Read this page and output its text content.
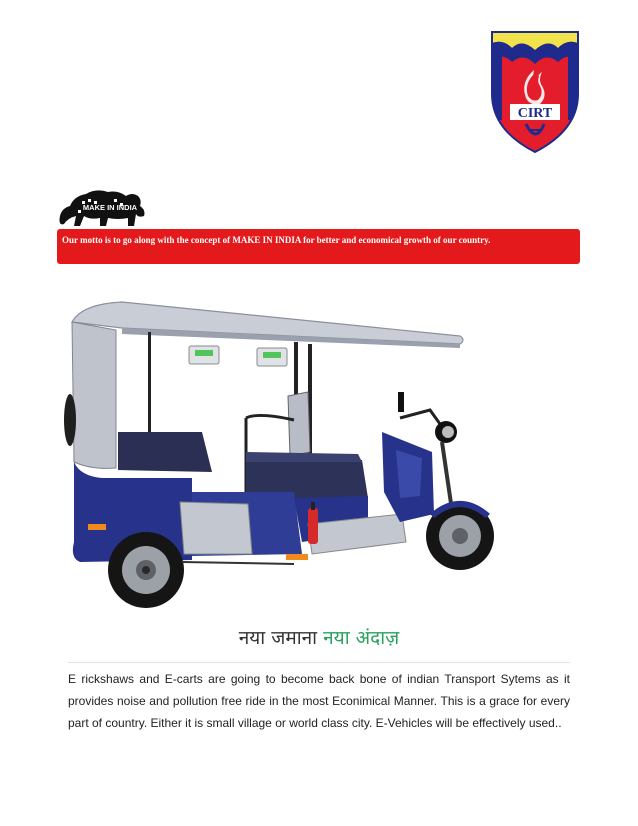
CIRT
MAKE IN INDIA
Our motto is to go along with the concept of MAKE IN INDIA for better and economical growth of our country.
नया जमाना नया अंदाज़

E rickshaws and E-carts are going to become back bone of indian Transport Sytems as it provides noise and pollution free ride in the most Econimical Manner. This is a grace for every part of country. Either it is small village or world class city. E-Vehicles will be effectively used..
